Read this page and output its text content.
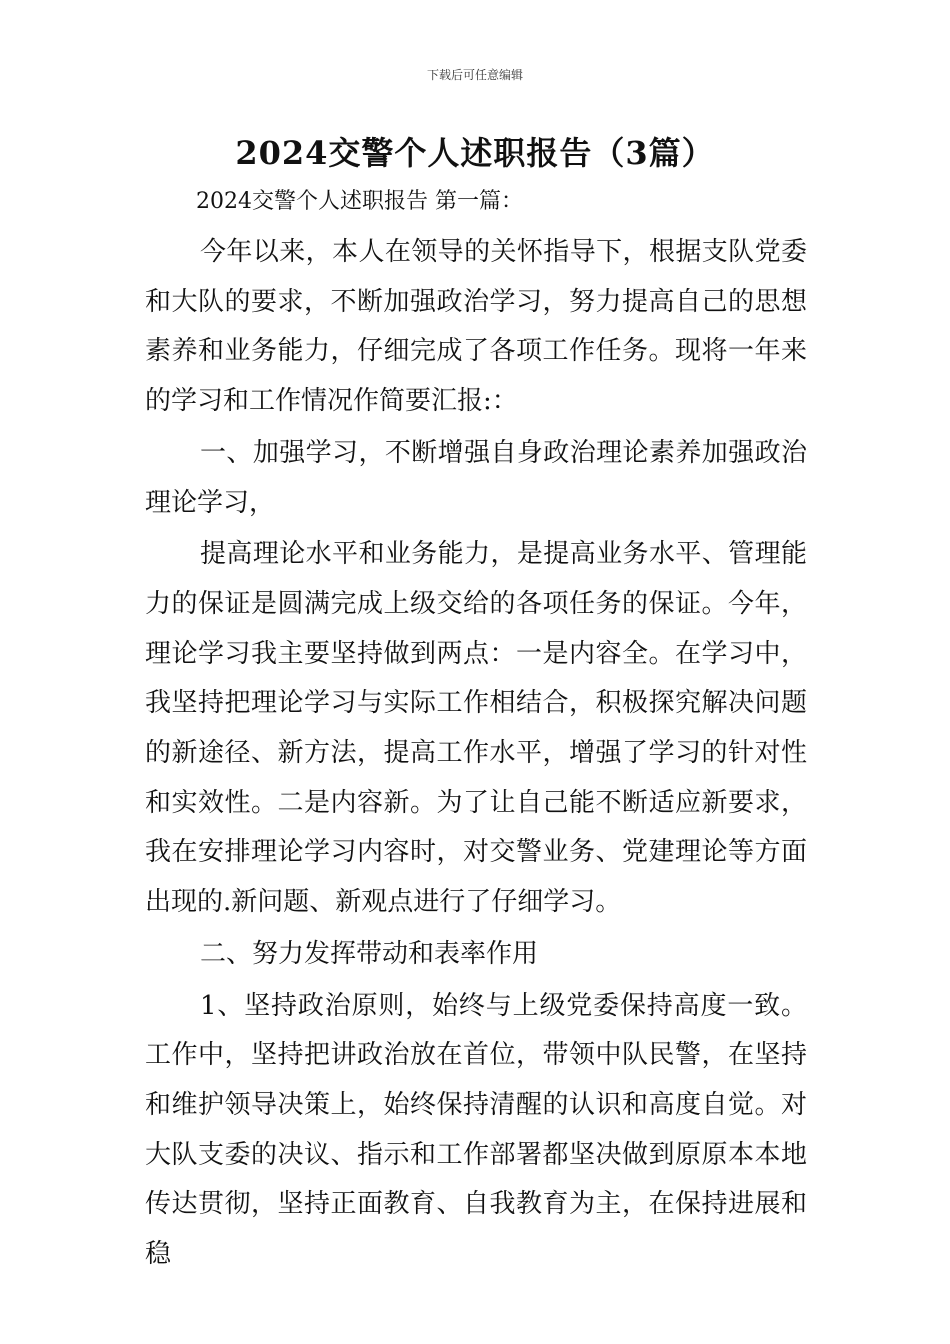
下载后可任意编辑
2024交警个人述职报告（3篇）
2024交警个人述职报告 第一篇：

今年以来，本人在领导的关怀指导下，根据支队党委和大队的要求，不断加强政治学习，努力提高自己的思想素养和业务能力，仔细完成了各项工作任务。现将一年来的学习和工作情况作简要汇报:：

一、加强学习，不断增强自身政治理论素养加强政治理论学习，

提高理论水平和业务能力，是提高业务水平、管理能力的保证是圆满完成上级交给的各项任务的保证。今年，理论学习我主要坚持做到两点：一是内容全。在学习中，我坚持把理论学习与实际工作相结合，积极探究解决问题的新途径、新方法，提高工作水平，增强了学习的针对性和实效性。二是内容新。为了让自己能不断适应新要求，我在安排理论学习内容时，对交警业务、党建理论等方面出现的.新问题、新观点进行了仔细学习。

二、努力发挥带动和表率作用

1、坚持政治原则，始终与上级党委保持高度一致。工作中，坚持把讲政治放在首位，带领中队民警，在坚持和维护领导决策上，始终保持清醒的认识和高度自觉。对大队支委的决议、指示和工作部署都坚决做到原原本本地传达贯彻，坚持正面教育、自我教育为主，在保持进展和稳
